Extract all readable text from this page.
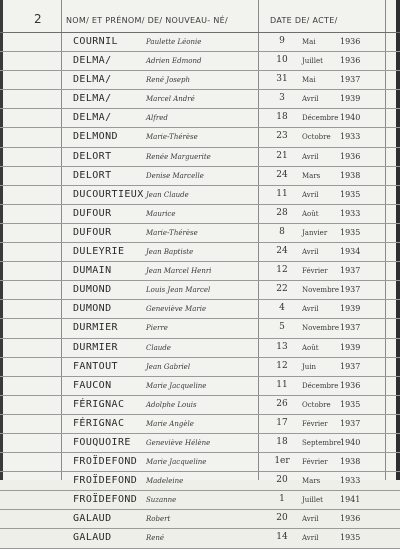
2	NOM/ ET PRÉNOM/ DE/ NOUVEAU- NÉ/	DATE DE/ ACTE/
COURNIL	Paulette Léonie	9	Mai	1936
DELMA/	Adrien Edmond	10	Juillet 1936
DELMA/	René Joseph	31	Mai	1937
DELMA/	Marcel André	3	Avril	1939
DELMA/	Alfred	18	Décembre 1940
DELMOND	Marie-Thérèse	23	Octobre 1933
DELORT	Renée Marguerite	21	Avril	1936
DELORT	Denise Marcelle	24	Mars 1938
DUCOURTIEUX Jean Claude	11	Avril	1935
DUFOUR	Maurice	28	Août	1933
DUFOUR	Marie-Thérèse	8	Janvier 1935
DULEYRIE	Jean Baptiste	24	Avril	1934
DUMAIN	Jean Marcel Henri	12	Février 1937
DUMOND	Louis Jean Marcel	22	Novembre 1937
DUMOND	Geneviève Marie	4	Avril	1939
DURMIER	Pierre	5	Novembre 1937
DURMIER	Claude	13	Août	1939
FANTOUT	Jean Gabriel	12	Juin	1937
FAUCON	Marie Jacqueline	11	Décembre 1936
FÉRIGNAC	Adolphe Louis	26	Octobre 1935
FÉRIGNAC	Marie Angèle	17	Février 1937
FOUQUOIRE Geneviève Hélène	18	Septembre 1940
FROÏDEFOND Marie Jacqueline	1er	Février 1938
FROÏDEFOND Madeleine	20	Mars 1933
FROÏDEFOND Suzanne	1	Juillet 1941
GALAUD	Robert	20	Avril	1936
GALAUD	René	14	Avril	1935
